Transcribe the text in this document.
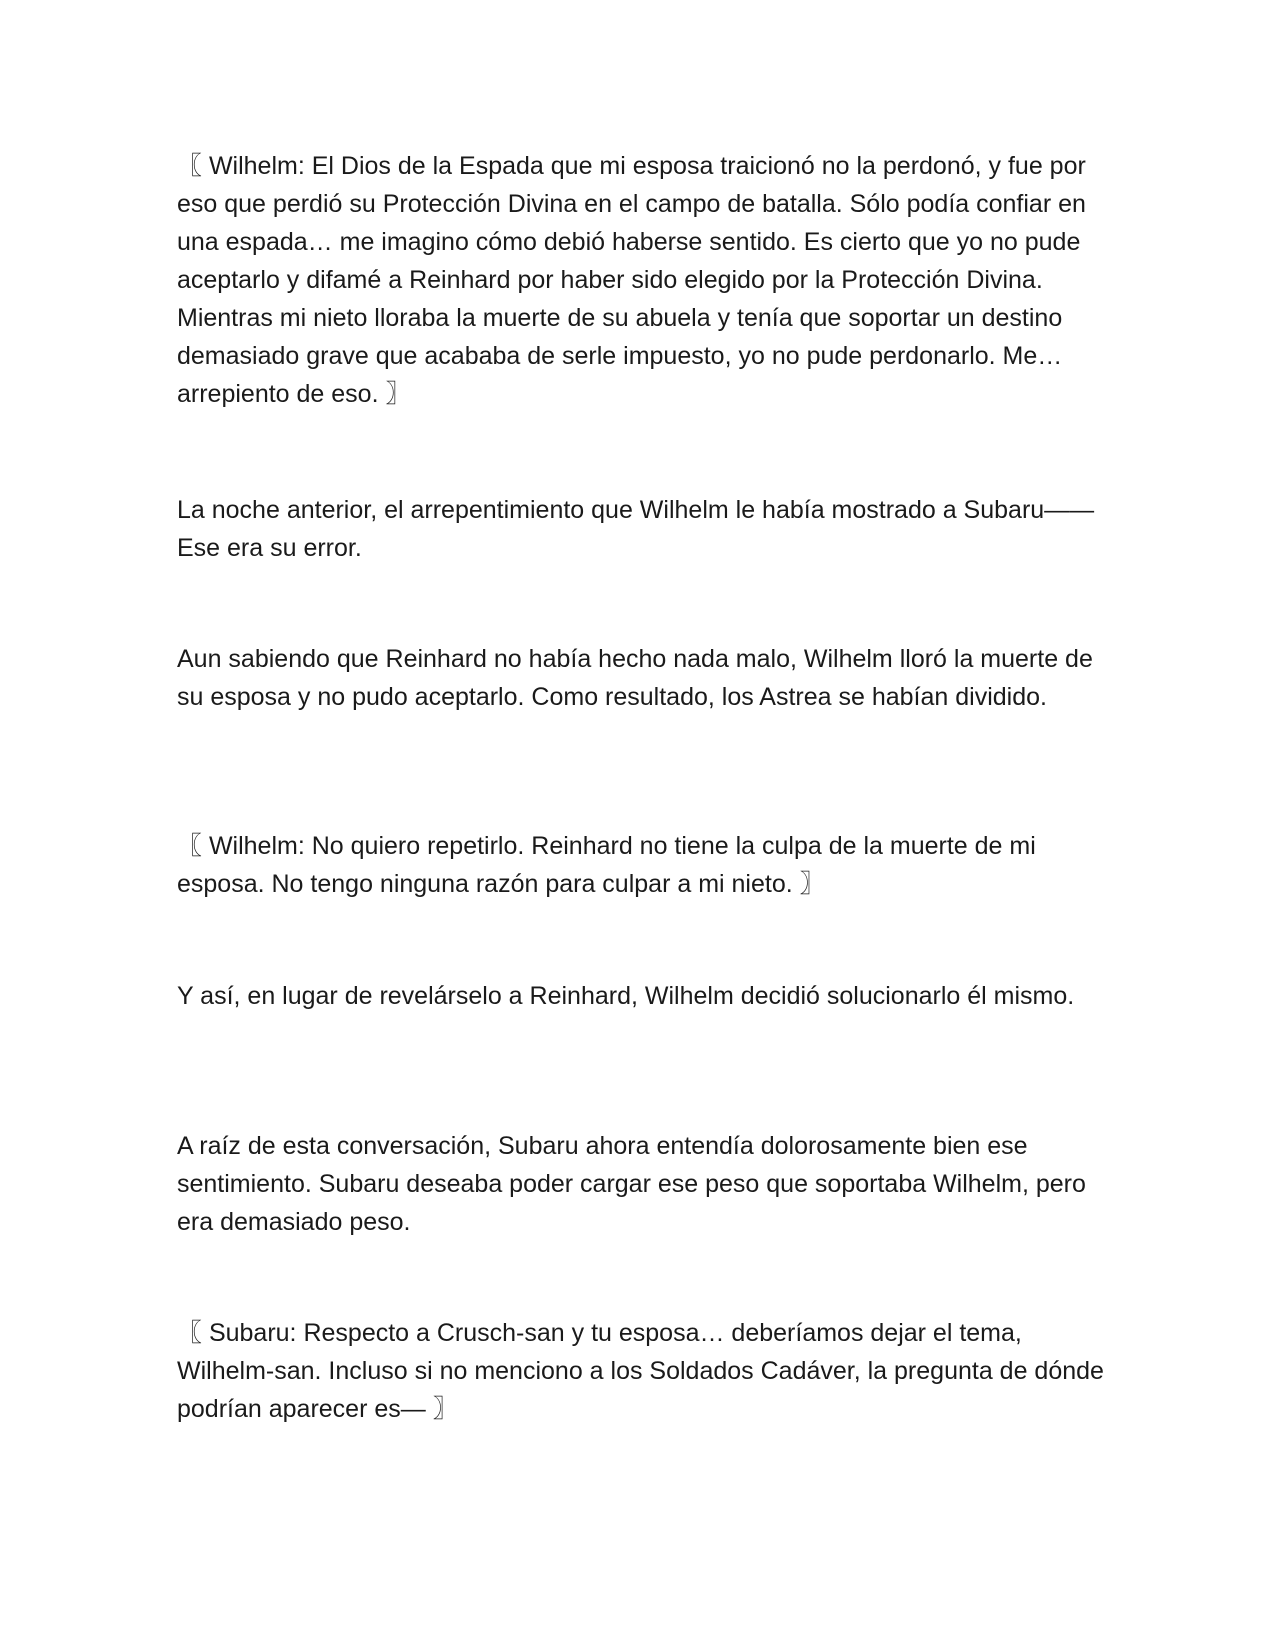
〖 Wilhelm: El Dios de la Espada que mi esposa traicionó no la perdonó, y fue por eso que perdió su Protección Divina en el campo de batalla. Sólo podía confiar en una espada… me imagino cómo debió haberse sentido. Es cierto que yo no pude aceptarlo y difamé a Reinhard por haber sido elegido por la Protección Divina. Mientras mi nieto lloraba la muerte de su abuela y tenía que soportar un destino demasiado grave que acababa de serle impuesto, yo no pude perdonarlo. Me… arrepiento de eso. 〗

La noche anterior, el arrepentimiento que Wilhelm le había mostrado a Subaru——Ese era su error.

Aun sabiendo que Reinhard no había hecho nada malo, Wilhelm lloró la muerte de su esposa y no pudo aceptarlo. Como resultado, los Astrea se habían dividido.

〖 Wilhelm: No quiero repetirlo. Reinhard no tiene la culpa de la muerte de mi esposa. No tengo ninguna razón para culpar a mi nieto. 〗

Y así, en lugar de revelárselo a Reinhard, Wilhelm decidió solucionarlo él mismo.

A raíz de esta conversación, Subaru ahora entendía dolorosamente bien ese sentimiento. Subaru deseaba poder cargar ese peso que soportaba Wilhelm, pero era demasiado peso.

〖 Subaru: Respecto a Crusch-san y tu esposa… deberíamos dejar el tema, Wilhelm-san. Incluso si no menciono a los Soldados Cadáver, la pregunta de dónde podrían aparecer es— 〗
